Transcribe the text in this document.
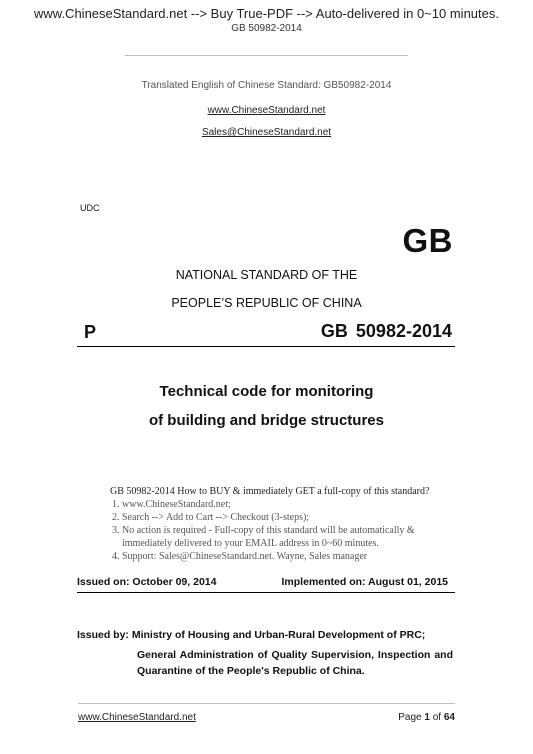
www.ChineseStandard.net --> Buy True-PDF --> Auto-delivered in 0~10 minutes.
GB 50982-2014
Translated English of Chinese Standard: GB50982-2014
www.ChineseStandard.net
Sales@ChineseStandard.net
UDC
GB
NATIONAL STANDARD OF THE
PEOPLE’S REPUBLIC OF CHINA
P	GB 50982-2014
Technical code for monitoring
of building and bridge structures
GB 50982-2014 How to BUY & immediately GET a full-copy of this standard?
1. www.ChineseStandard.net;
2. Search --> Add to Cart --> Checkout (3-steps);
3. No action is required - Full-copy of this standard will be automatically & immediately delivered to your EMAIL address in 0~60 minutes.
4. Support: Sales@ChineseStandard.net. Wayne, Sales manager
Issued on: October 09, 2014	Implemented on: August 01, 2015
Issued by: Ministry of Housing and Urban-Rural Development of PRC;
General Administration of Quality Supervision, Inspection and Quarantine of the People's Republic of China.
www.ChineseStandard.net	Page 1 of 64
